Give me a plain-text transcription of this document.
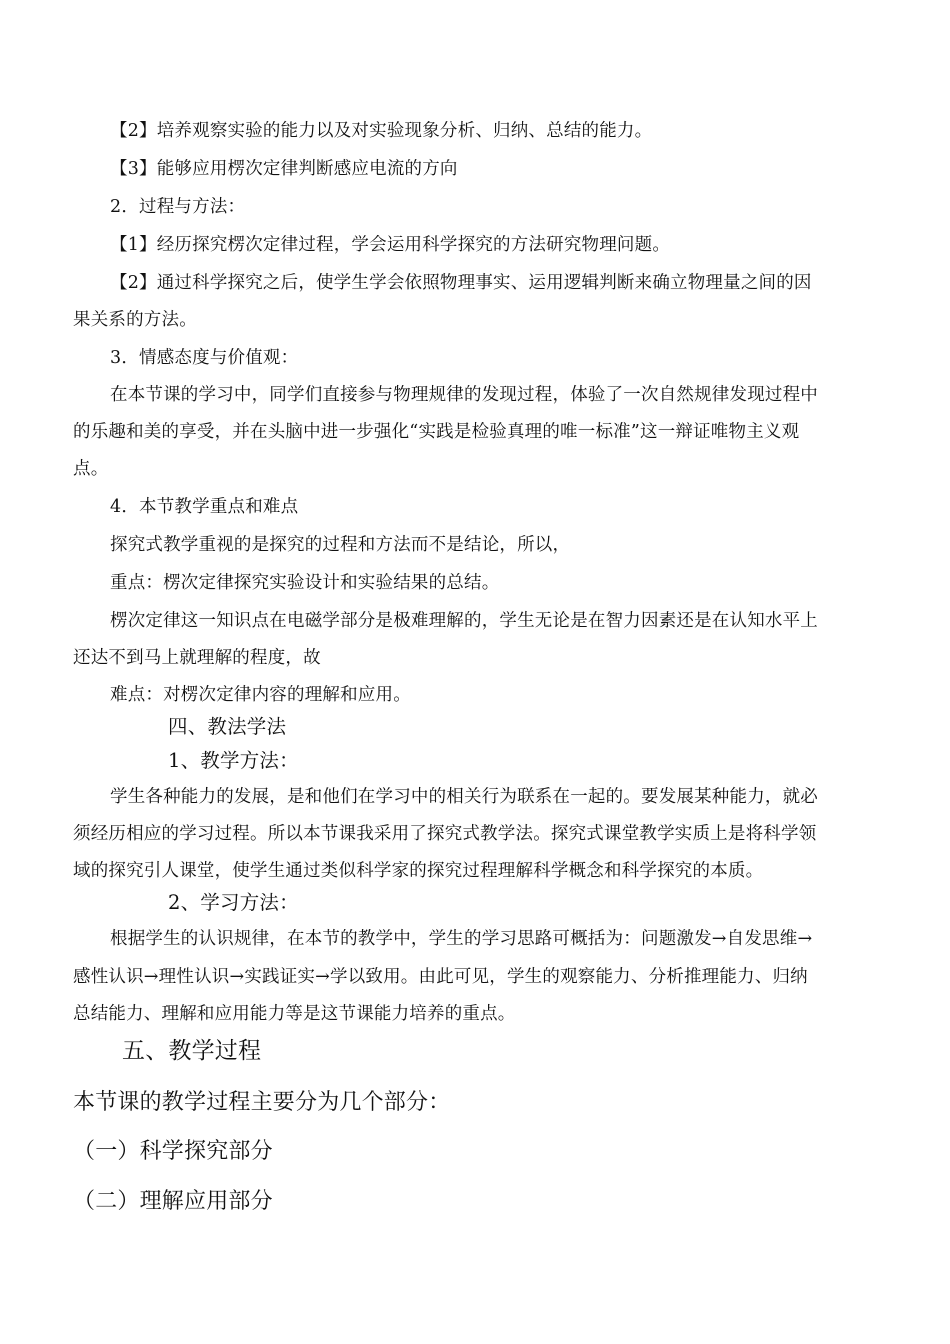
【2】培养观察实验的能力以及对实验现象分析、归纳、总结的能力。
【3】能够应用楞次定律判断感应电流的方向
2．过程与方法：
【1】经历探究楞次定律过程，学会运用科学探究的方法研究物理问题。
【2】通过科学探究之后，使学生学会依照物理事实、运用逻辑判断来确立物理量之间的因
果关系的方法。
3．情感态度与价值观：
在本节课的学习中，同学们直接参与物理规律的发现过程，体验了一次自然规律发现过程中
的乐趣和美的享受，并在头脑中进一步强化“实践是检验真理的唯一标准”这一辩证唯物主义观
点。
4．本节教学重点和难点
探究式教学重视的是探究的过程和方法而不是结论，所以，
重点：楞次定律探究实验设计和实验结果的总结。
楞次定律这一知识点在电磁学部分是极难理解的，学生无论是在智力因素还是在认知水平上
还达不到马上就理解的程度，故
难点：对楞次定律内容的理解和应用。
四、教法学法
1、教学方法：
学生各种能力的发展，是和他们在学习中的相关行为联系在一起的。要发展某种能力，就必
须经历相应的学习过程。所以本节课我采用了探究式教学法。探究式课堂教学实质上是将科学领
域的探究引人课堂，使学生通过类似科学家的探究过程理解科学概念和科学探究的本质。
2、学习方法：
根据学生的认识规律，在本节的教学中，学生的学习思路可概括为：问题激发→自发思维→
感性认识→理性认识→实践证实→学以致用。由此可见，学生的观察能力、分析推理能力、归纳
总结能力、理解和应用能力等是这节课能力培养的重点。
五、教学过程
本节课的教学过程主要分为几个部分：
（一）科学探究部分
（二）理解应用部分
